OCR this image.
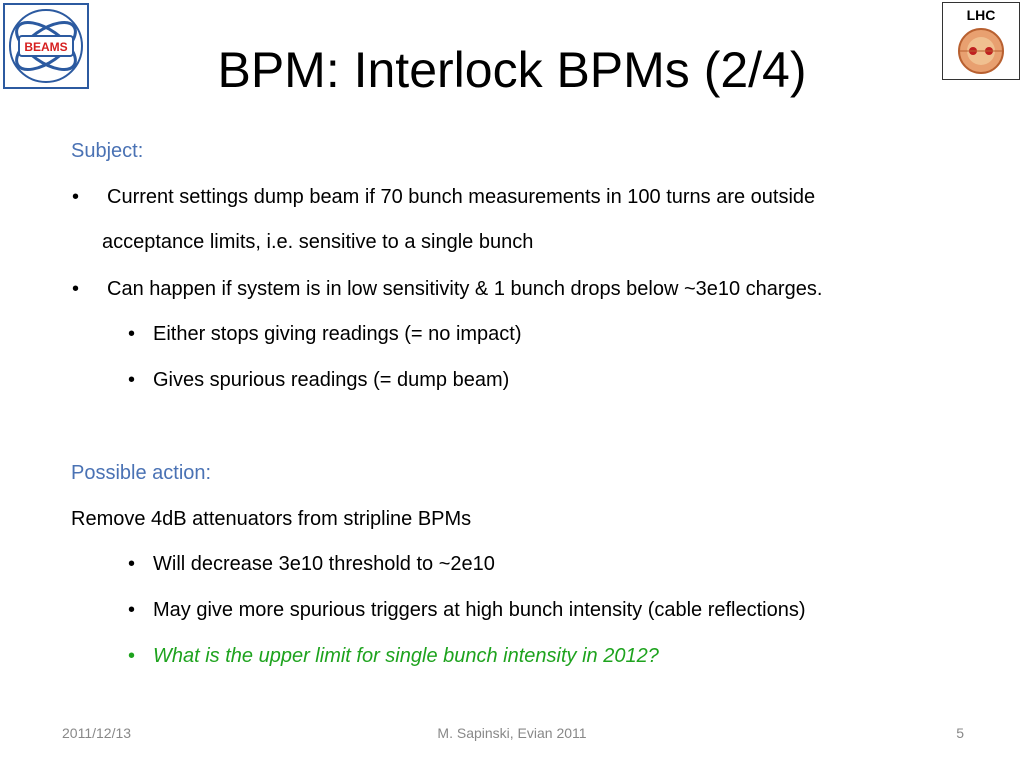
BEAMS
LHC
BPM: Interlock BPMs (2/4)
Subject:
• Current settings dump beam if 70 bunch measurements in 100 turns are outside
acceptance limits, i.e. sensitive to a single bunch
• Can happen if system is in low sensitivity & 1 bunch drops below ~3e10 charges.
• Either stops giving readings (= no impact)
• Gives spurious readings (= dump beam)
Possible action:
Remove 4dB attenuators from stripline BPMs
• Will decrease 3e10 threshold to ~2e10
• May give more spurious triggers at high bunch intensity (cable reflections)
• What is the upper limit for single bunch intensity in 2012?
2011/12/13	M. Sapinski, Evian 2011	5
